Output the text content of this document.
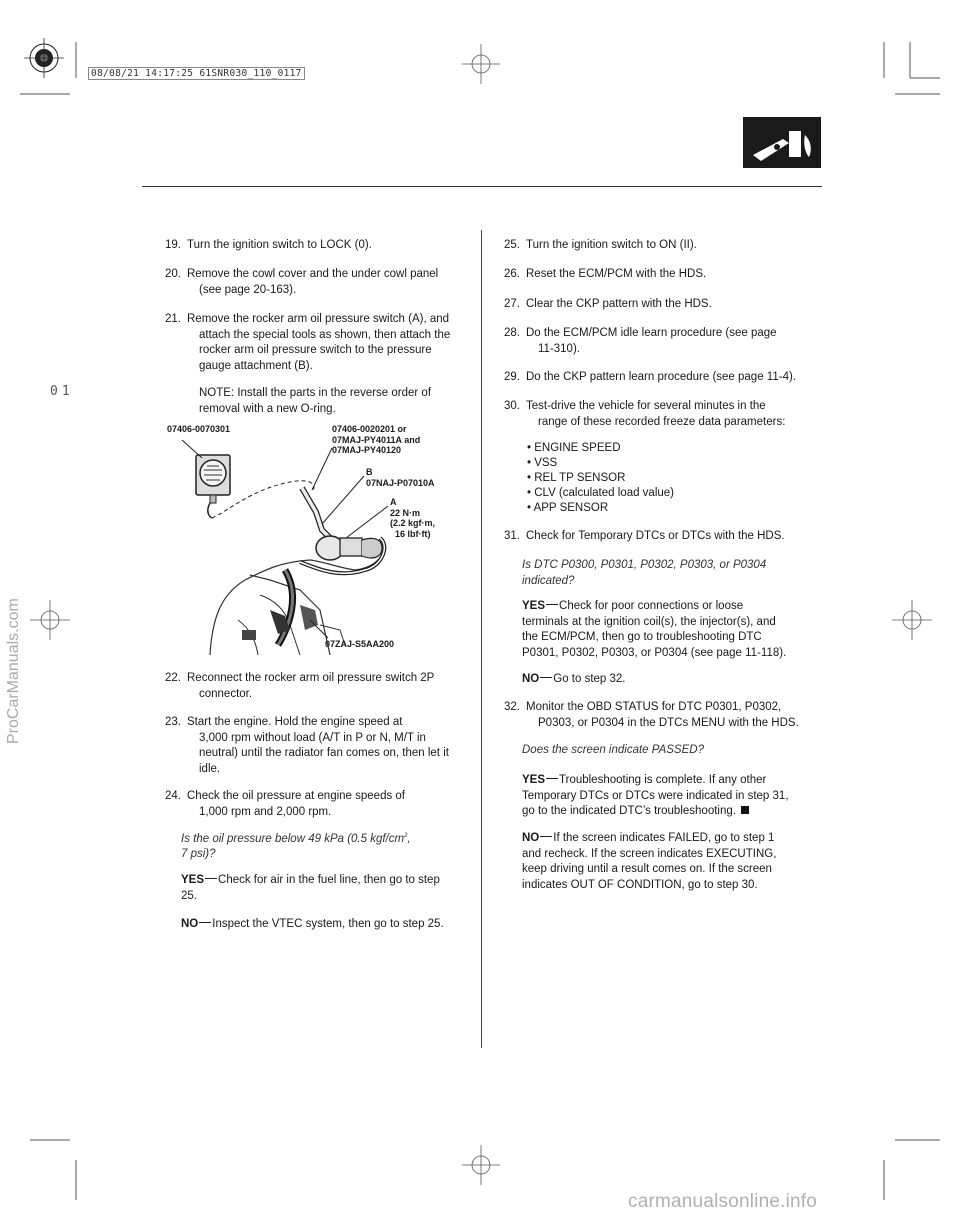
08/08/21 14:17:25 61SNR030_110_0117
01
ProCarManuals.com
carmanualsonline.info
19. Turn the ignition switch to LOCK (0).
20. Remove the cowl cover and the under cowl panel
(see page 20-163).
21. Remove the rocker arm oil pressure switch (A), and
attach the special tools as shown, then attach the
rocker arm oil pressure switch to the pressure
gauge attachment (B).
NOTE: Install the parts in the reverse order of
removal with a new O-ring.
07406-0070301	07406-0020201 or
07MAJ-PY4011A and
07MAJ-PY40120
B
07NAJ-P07010A
A
22 N·m
(2.2 kgf·m,
16 lbf·ft)
07ZAJ-S5AA200
22. Reconnect the rocker arm oil pressure switch 2P
connector.
23. Start the engine. Hold the engine speed at
3,000 rpm without load (A/T in P or N, M/T in
neutral) until the radiator fan comes on, then let it
idle.
24. Check the oil pressure at engine speeds of
1,000 rpm and 2,000 rpm.
Is the oil pressure below 49 kPa (0.5 kgf/$cm^2$,
7 psi)?
YES Check for air in the fuel line, then go to step
25.
NO Inspect the VTEC system, then go to step 25.
25. Turn the ignition switch to ON (II).
26. Reset the ECM/PCM with the HDS.
27. Clear the CKP pattern with the HDS.
28. Do the ECM/PCM idle learn procedure (see page
11-310).
29. Do the CKP pattern learn procedure (see page 11-4).
30. Test-drive the vehicle for several minutes in the
range of these recorded freeze data parameters:
• ENGINE SPEED
• VSS
• REL TP SENSOR
• CLV (calculated load value)
• APP SENSOR
31. Check for Temporary DTCs or DTCs with the HDS.
Is DTC P0300, P0301, P0302, P0303, or P0304
indicated?
YES Check for poor connections or loose
terminals at the ignition coil(s), the injector(s), and
the ECM/PCM, then go to troubleshooting DTC
P0301, P0302, P0303, or P0304 (see page 11-118).
NO Go to step 32.
32. Monitor the OBD STATUS for DTC P0301, P0302,
P0303, or P0304 in the DTCs MENU with the HDS.
Does the screen indicate PASSED?
YES Troubleshooting is complete. If any other
Temporary DTCs or DTCs were indicated in step 31,
go to the indicated DTC’s troubleshooting.
NO If the screen indicates FAILED, go to step 1
and recheck. If the screen indicates EXECUTING,
keep driving until a result comes on. If the screen
indicates OUT OF CONDITION, go to step 30.
